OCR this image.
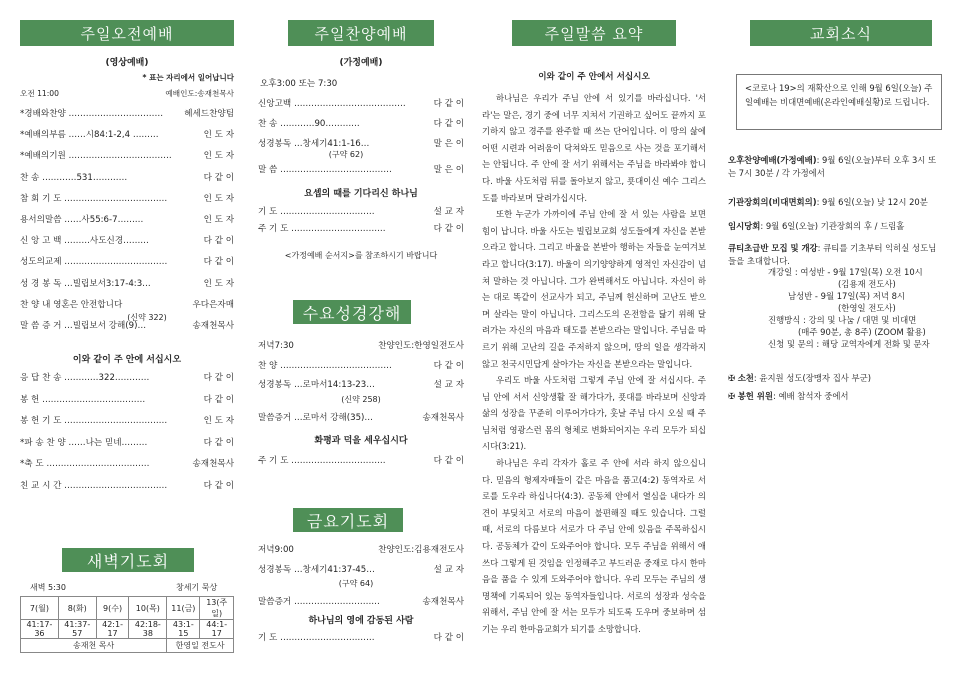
주일오전예배
(영상예배)
* 표는 자리에서 일어납니다
오전 11:00	예배인도:송재천목사
*경배와찬양 …………………………… 헤세드찬양팀
*예배의부름 ……시84:1-2,4 ………	인 도 자
*예배의기원 ………………………………	인 도 자
찬 송 …………531…………	다 같 이
참 회 기 도 ………………………………	인 도 자
용서의말씀 ……사55:6-7………	인 도 자
신 앙 고 백 ………사도신경………	다 같 이
성도의교제 ………………………………	다 같 이
성 경 봉 독 …빌립보서3:17-4:3…	인 도 자
찬 양 내 영혼은 안전합니다	우다은자매
말 씀 증 거 …빌립보서 강해(9)…	송재천목사
(신약 322)
이와 같이 주 안에 서십시오
응 답 찬 송 …………322…………	다 같 이
봉 헌 ………………………………	다 같 이
봉 헌 기 도 ………………………………	인 도 자
*파 송 찬 양 ……나는 믿네………	다 같 이
*축 도 ………………………………	송재천목사
친 교 시 간 ………………………………	다 같 이
새벽기도회
새벽 5:30	창세기 묵상
7(월)	8(화)	9(수)	10(목)	11(금)	13(주일)
41:17-36	41:37-57	42:1-17	42:18-38	43:1-15	44:1-17
송재천 목사				한영일 전도사	
주일찬양예배
(가정예배)
오후3:00 또는 7:30
신앙고백 …………………………………	다 같 이
찬 송 …………90…………	다 같 이
성경봉독 …창세기41:1-16…	말 은 이
(구약 62)
말 씀 …………………………………	말 은 이
요셉의 때를 기다리신 하나님
기 도 ……………………………	설 교 자
주 기 도 ……………………………	다 같 이
<가정예배 순서지>를 참조하시기 바랍니다
수요성경강해
저녁7:30	찬양인도:한영일전도사
찬 양 …………………………………	다 같 이
성경봉독 …로마서14:13-23…	설 교 자
(신약 258)
말씀증거 …로마서 강해(35)…	송재천목사
화평과 덕을 세우십시다
주 기 도 ……………………………	다 같 이
금요기도회
저녁9:00	찬양인도:김용재전도사
성경봉독 …창세기41:37-45…	설 교 자
(구약 64)
말씀증거 …………………………	송재천목사
하나님의 영에 감동된 사람
기 도 ……………………………	다 같 이
주일말씀 요약
이와 같이 주 안에서 서십시오
하나님은 우리가 주님 안에 서 있기를 바라십니다. '서라'는 말은, 경기 중에 너무 지쳐서 기권하고 싶어도 끝까지 포기하지 않고 경주를 완주할 때 쓰는 단어입니다. 이 땅의 삶에 어떤 시련과 어려움이 닥쳐와도 믿음으로 사는 것을 포기해서는 안됩니다. 주 안에 잘 서기 위해서는 주님을 바라봐야 합니다. 바울 사도처럼 뒤를 돌아보지 않고, 푯대이신 예수 그리스도를 바라보며 달려가십시다.
또한 누군가 가까이에 주님 안에 잘 서 있는 사람을 보면 힘이 납니다. 바울 사도는 빌립보교회 성도들에게 자신을 본받으라고 합니다. 그리고 바울을 본받아 행하는 자들을 눈여겨보라고 합니다(3:17). 바울이 의기양양하게 영적인 자신감이 넘쳐 말하는 것 아닙니다. 그가 완벽해서도 아닙니다. 자신이 하는 대로 똑같이 선교사가 되고, 주님께 헌신하며 고난도 받으며 살라는 말이 아닙니다. 그리스도의 온전함을 닮기 위해 달려가는 자신의 마음과 태도를 본받으라는 말입니다. 주님을 따르기 위해 고난의 길을 주저하지 않으며, 땅의 일을 생각하지 않고 천국시민답게 살아가는 자신을 본받으라는 말입니다.
우리도 바울 사도처럼 그렇게 주님 안에 잘 서십시다. 주님 안에 서서 신앙생활 잘 해가다가, 푯대를 바라보며 신앙과 삶의 성장을 꾸준히 이루어가다가, 훗날 주님 다시 오실 때 주님처럼 영광스런 몸의 형체로 변화되어지는 우리 모두가 되십시다(3:21).
하나님은 우리 각자가 홀로 주 안에 서라 하지 않으십니다. 믿음의 형제자매들이 같은 마음을 품고(4:2) 동역자로 서로를 도우라 하십니다(4:3). 공동체 안에서 열심을 내다가 의견이 부딪치고 서로의 마음이 불편해질 때도 있습니다. 그럴 때, 서로의 다름보다 서로가 다 주님 안에 있음을 주목하십시다. 공동체가 같이 도와주어야 합니다. 모두 주님을 위해서 애쓰다 그렇게 된 것임을 인정해주고 부드러운 중재로 다시 한마음을 품을 수 있게 도와주어야 합니다. 우리 모두는 주님의 생명책에 기록되어 있는 동역자들입니다. 서로의 성장과 성숙을 위해서, 주님 안에 잘 서는 모두가 되도록 도우며 중보하며 섬기는 우리 한마음교회가 되기를 소망합니다.
교회소식
<코로나 19>의 재확산으로 인해 9월 6일(오늘) 주일예배는 비대면예배(온라인예배실황)로 드립니다.
오후찬양예배(가정예배): 9월 6일(오늘)부터 오후 3시 또는 7시 30분 / 각 가정에서
기관장회의(비대면회의): 9월 6일(오늘) 낮 12시 20분
임시당회: 9월 6일(오늘) 기관장회의 후 / 드림홀
큐티초급반 모집 및 개강: 큐티를 기초부터 익히실 성도님들을 초대합니다.
개강일 : 여성반 - 9월 17일(목) 오전 10시
(김용재 전도사)
남성반 - 9월 17일(목) 저녁 8시
(한영일 전도사)
진행방식 : 강의 및 나눔 / 대면 및 비대면
(매주 90분, 총 8주) (ZOOM 활용)
신청 및 문의 : 해당 교역자에게 전화 및 문자
✠ 소천: 윤지원 성도(장맹자 집사 부군)
✠ 봉헌 위원: 예배 참석자 중에서
